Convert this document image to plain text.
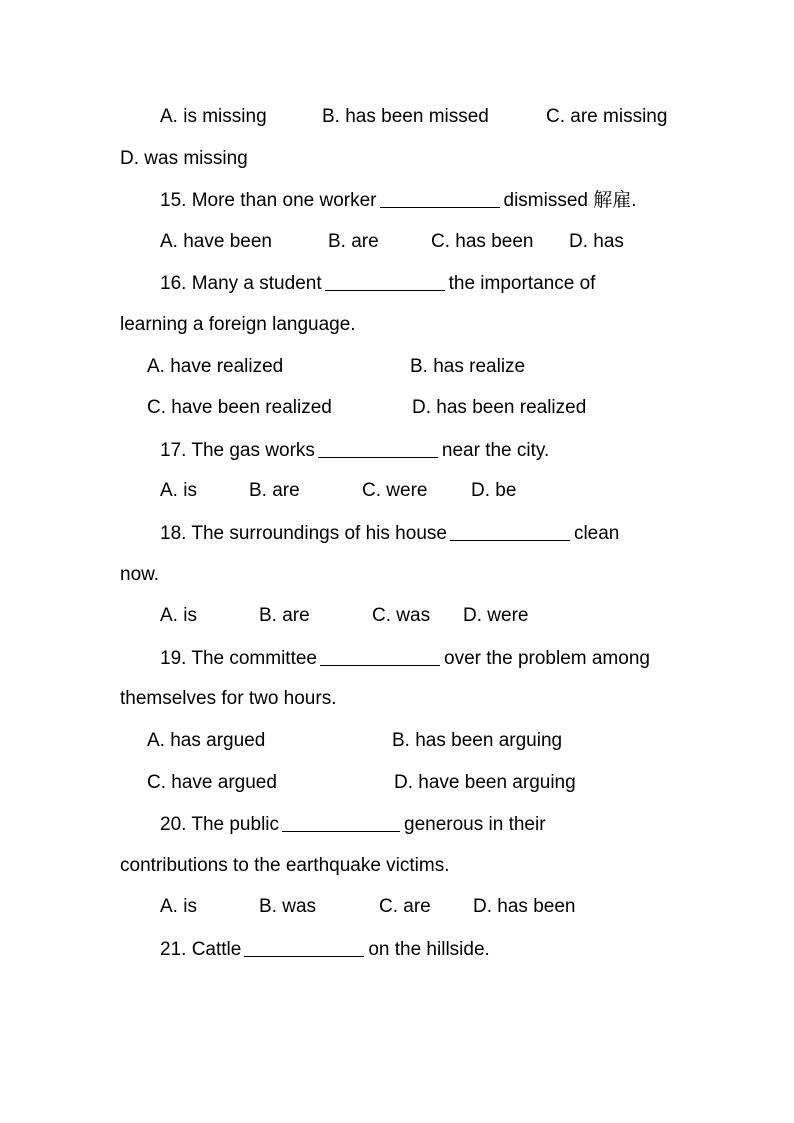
A. is missing	B. has been missed	C. are missing
D. was missing
15. More than one worker	dismissed 解雇.
A. have been	B. are	C. has been D. has
16. Many a student	the importance of
learning a foreign language.
A. have realized	B. has realize
C. have been realized	D. has been realized
17. The gas works	near the city.
A. is	B. are	C. were D. be
18. The surroundings of his house	clean
now.
A. is	B. are	C. was D. were
19. The committee	over the problem among
themselves for two hours.
A. has argued	B. has been arguing
C. have argued	D. have been arguing
20. The public	generous in their
contributions to the earthquake victims.
A. is	B. was	C. are D. has been
21. Cattle	on the hillside.
